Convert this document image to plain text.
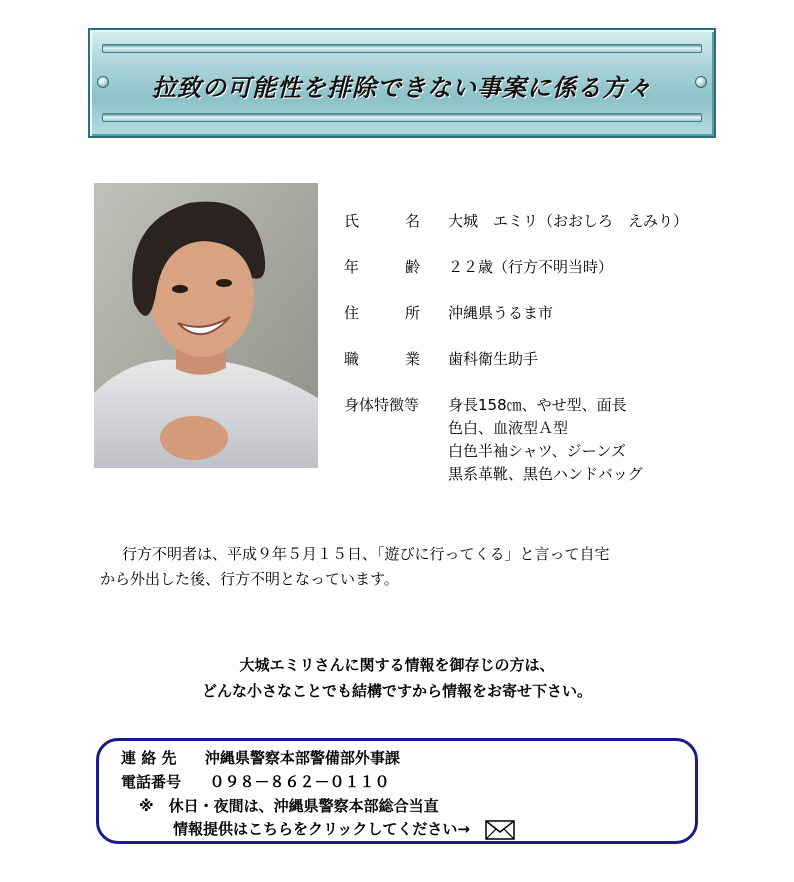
拉致の可能性を排除できない事案に係る方々
氏	名 大城　エミリ（おおしろ　えみり）
年	齢 ２２歳（行方不明当時）
住	所 沖縄県うるま市
職	業 歯科衛生助手
身体特徴等	身長158㎝、やせ型、面長
色白、血液型Ａ型
白色半袖シャツ、ジーンズ
黒系革靴、黒色ハンドバッグ
行方不明者は、平成９年５月１５日、「遊びに行ってくる」と言って自宅
から外出した後、行方不明となっています。
大城エミリさんに関する情報を御存じの方は、
どんな小さなことでも結構ですから情報をお寄せ下さい。
連 絡 先 沖縄県警察本部警備部外事課
電話番号 ０９８－８６２－０１１０
※　休日・夜間は、沖縄県警察本部総合当直
情報提供はこちらをクリックしてください→
